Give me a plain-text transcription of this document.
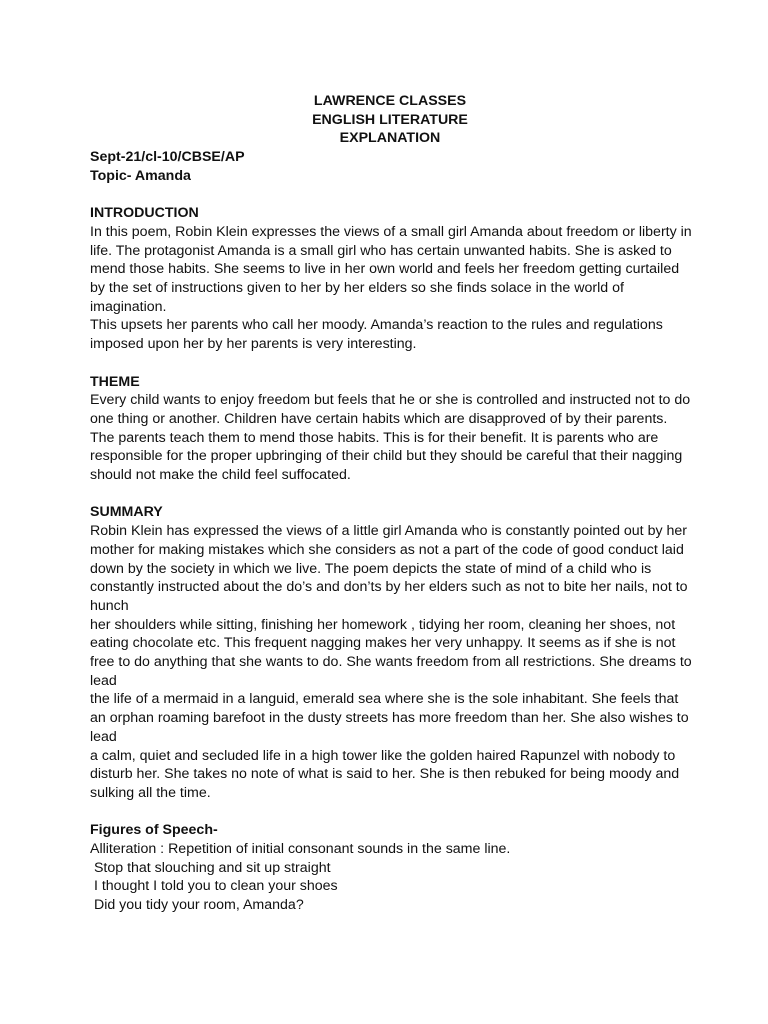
LAWRENCE CLASSES
ENGLISH LITERATURE
EXPLANATION
Sept-21/cl-10/CBSE/AP
Topic- Amanda
INTRODUCTION
In this poem, Robin Klein expresses the views of a small girl Amanda about freedom or liberty in
life. The protagonist Amanda is a small girl who has certain unwanted habits. She is asked to
mend those habits. She seems to live in her own world and feels her freedom getting curtailed
by the set of instructions given to her by her elders so she finds solace in the world of
imagination.
This upsets her parents who call her moody. Amanda’s reaction to the rules and regulations
imposed upon her by her parents is very interesting.
THEME
Every child wants to enjoy freedom but feels that he or she is controlled and instructed not to do
one thing or another. Children have certain habits which are disapproved of by their parents.
The parents teach them to mend those habits. This is for their benefit. It is parents who are
responsible for the proper upbringing of their child but they should be careful that their nagging
should not make the child feel suffocated.
SUMMARY
Robin Klein has expressed the views of a little girl Amanda who is constantly pointed out by her
mother for making mistakes which she considers as not a part of the code of good conduct laid
down by the society in which we live. The poem depicts the state of mind of a child who is
constantly instructed about the do’s and don’ts by her elders such as not to bite her nails, not to
hunch
her shoulders while sitting, finishing her homework , tidying her room, cleaning her shoes, not
eating chocolate etc. This frequent nagging makes her very unhappy. It seems as if she is not
free to do anything that she wants to do. She wants freedom from all restrictions. She dreams to
lead
the life of a mermaid in a languid, emerald sea where she is the sole inhabitant. She feels that
an orphan roaming barefoot in the dusty streets has more freedom than her. She also wishes to
lead
a calm, quiet and secluded life in a high tower like the golden haired Rapunzel with nobody to
disturb her. She takes no note of what is said to her. She is then rebuked for being moody and
sulking all the time.
Figures of Speech-
Alliteration : Repetition of initial consonant sounds in the same line.
Stop that slouching and sit up straight
I thought I told you to clean your shoes
Did you tidy your room, Amanda?
